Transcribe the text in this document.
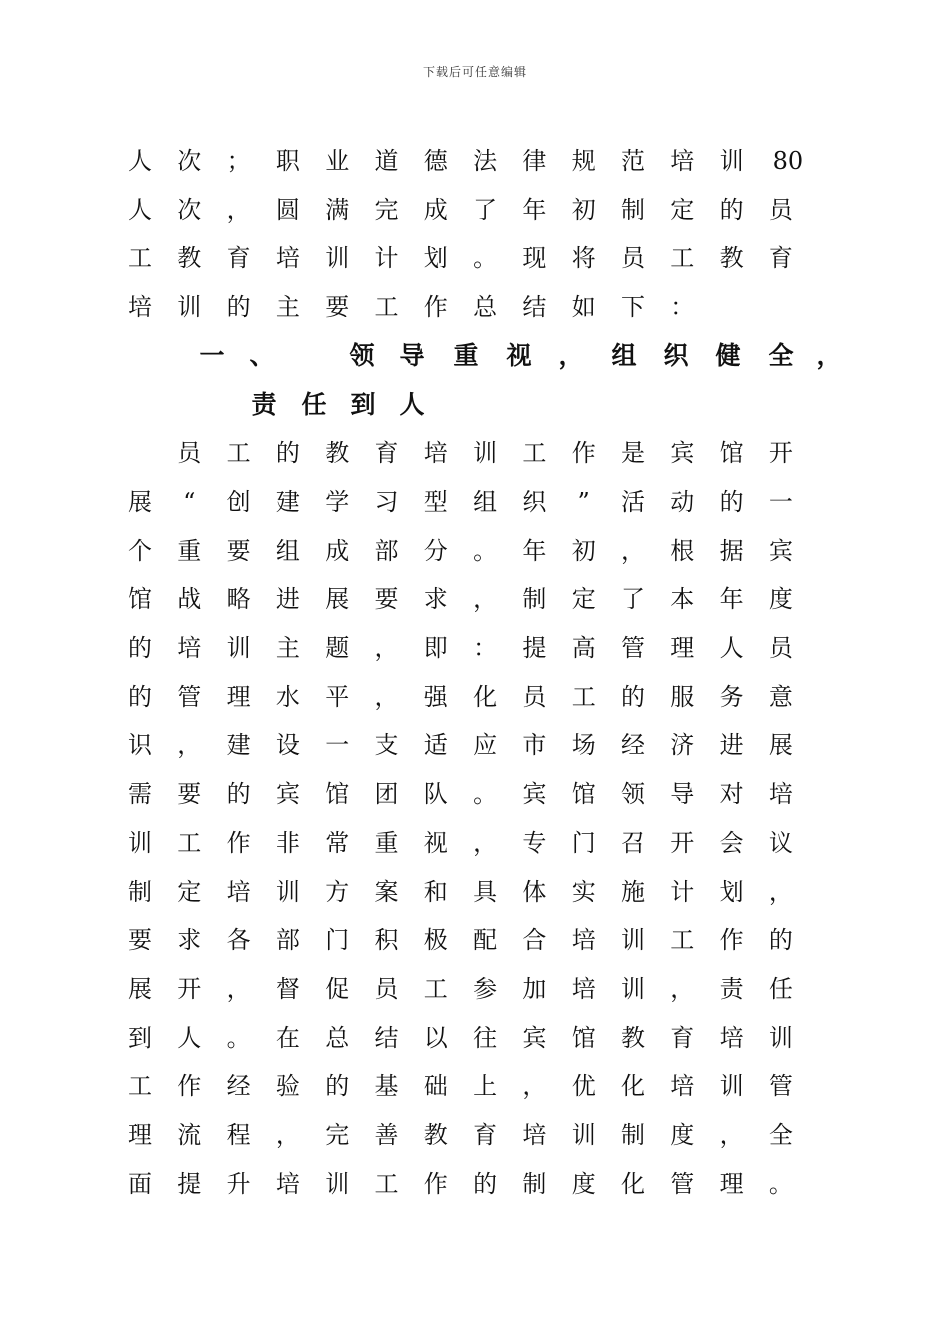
下载后可任意编辑
人 次 ； 职 业 道 德 法 律 规 范 培 训 80
人 次 ， 圆 满 完 成 了 年 初 制 定 的 员
工 教 育 培 训 计 划 。 现 将 员 工 教 育
培 训 的 主 要 工 作 总 结 如 下 ：
一 、	领 导 重 视 ， 组 织 健 全 ，
责 任 到 人
员 工 的 教 育 培 训 工 作 是 宾 馆 开
展 “ 创 建 学 习 型 组 织 ” 活 动 的 一
个 重 要 组 成 部 分 。 年 初 ， 根 据 宾
馆 战 略 进 展 要 求 ， 制 定 了 本 年 度
的 培 训 主 题 ， 即 ： 提 高 管 理 人 员
的 管 理 水 平 ， 强 化 员 工 的 服 务 意
识 ， 建 设 一 支 适 应 市 场 经 济 进 展
需 要 的 宾 馆 团 队 。 宾 馆 领 导 对 培
训 工 作 非 常 重 视 ， 专 门 召 开 会 议
制 定 培 训 方 案 和 具 体 实 施 计 划 ，
要 求 各 部 门 积 极 配 合 培 训 工 作 的
展 开 ， 督 促 员 工 参 加 培 训 ， 责 任
到 人 。 在 总 结 以 往 宾 馆 教 育 培 训
工 作 经 验 的 基 础 上 ， 优 化 培 训 管
理 流 程 ， 完 善 教 育 培 训 制 度 ， 全
面 提 升 培 训 工 作 的 制 度 化 管 理 。
